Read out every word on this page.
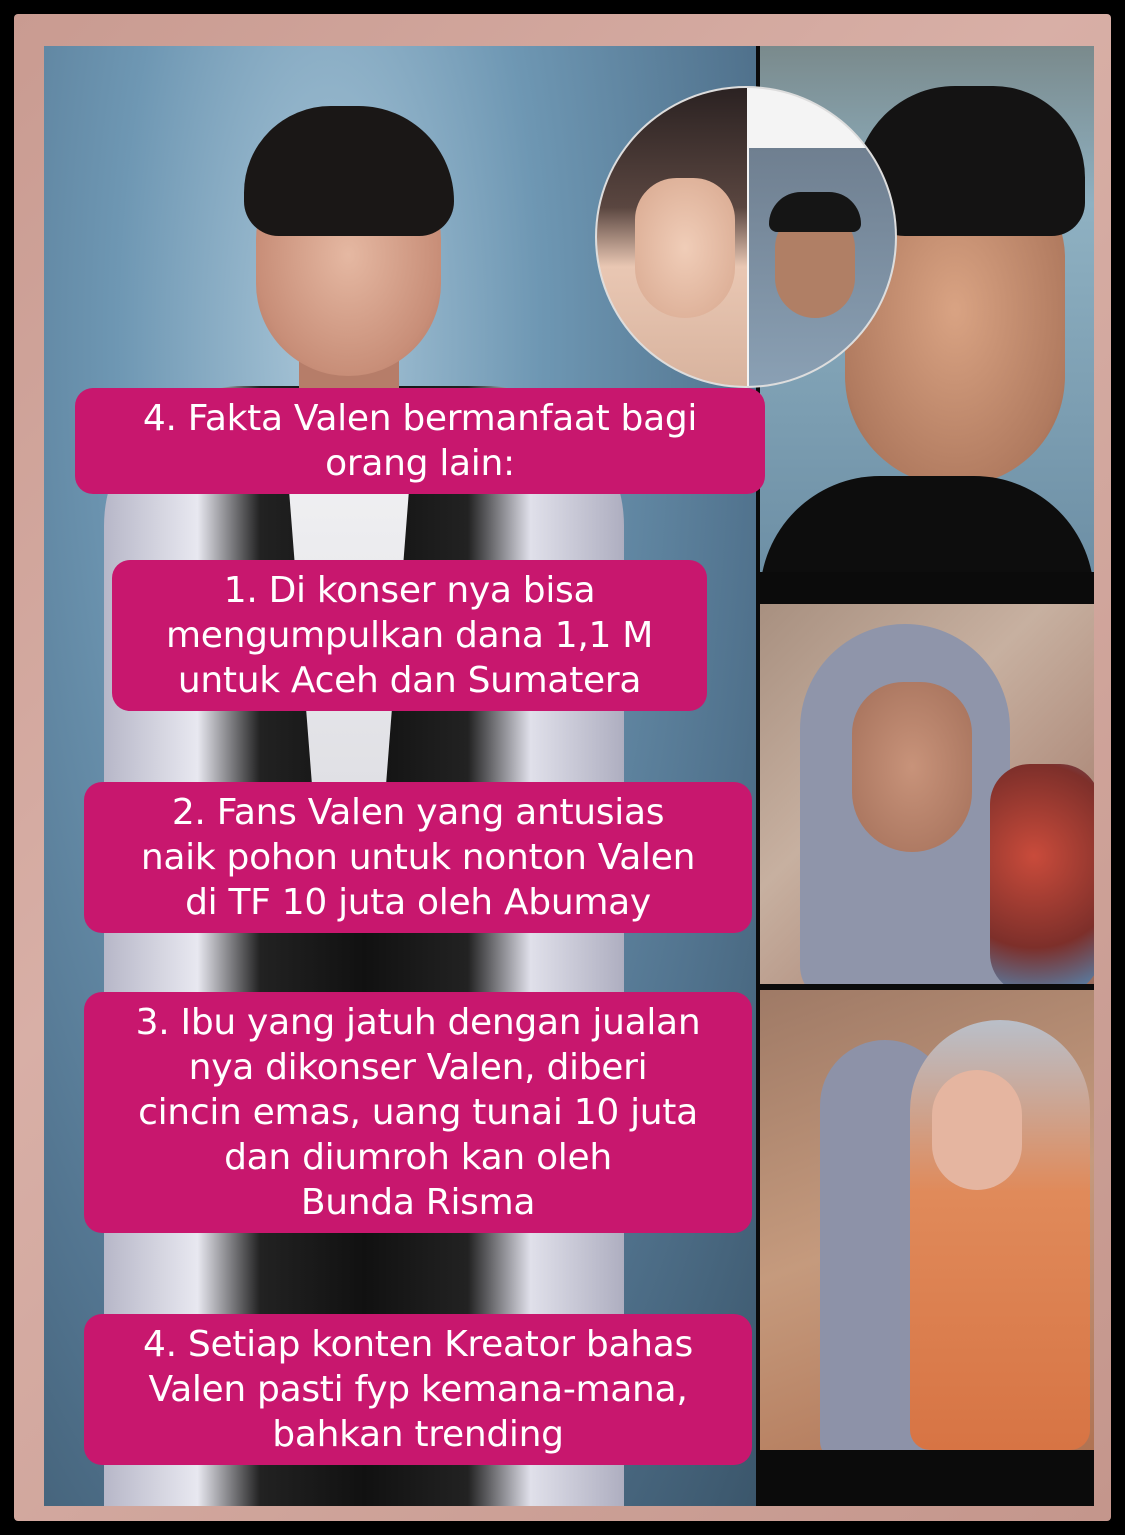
4. Fakta Valen bermanfaat bagi
orang lain:
1. Di konser nya bisa
mengumpulkan dana 1,1 M
untuk Aceh dan Sumatera
2. Fans Valen yang antusias
naik pohon untuk nonton Valen
di TF 10 juta oleh Abumay
3. Ibu yang jatuh dengan jualan
nya dikonser Valen, diberi
cincin emas, uang tunai 10 juta
dan diumroh kan oleh
Bunda Risma
4. Setiap konten Kreator bahas
Valen pasti fyp kemana-mana,
bahkan trending
